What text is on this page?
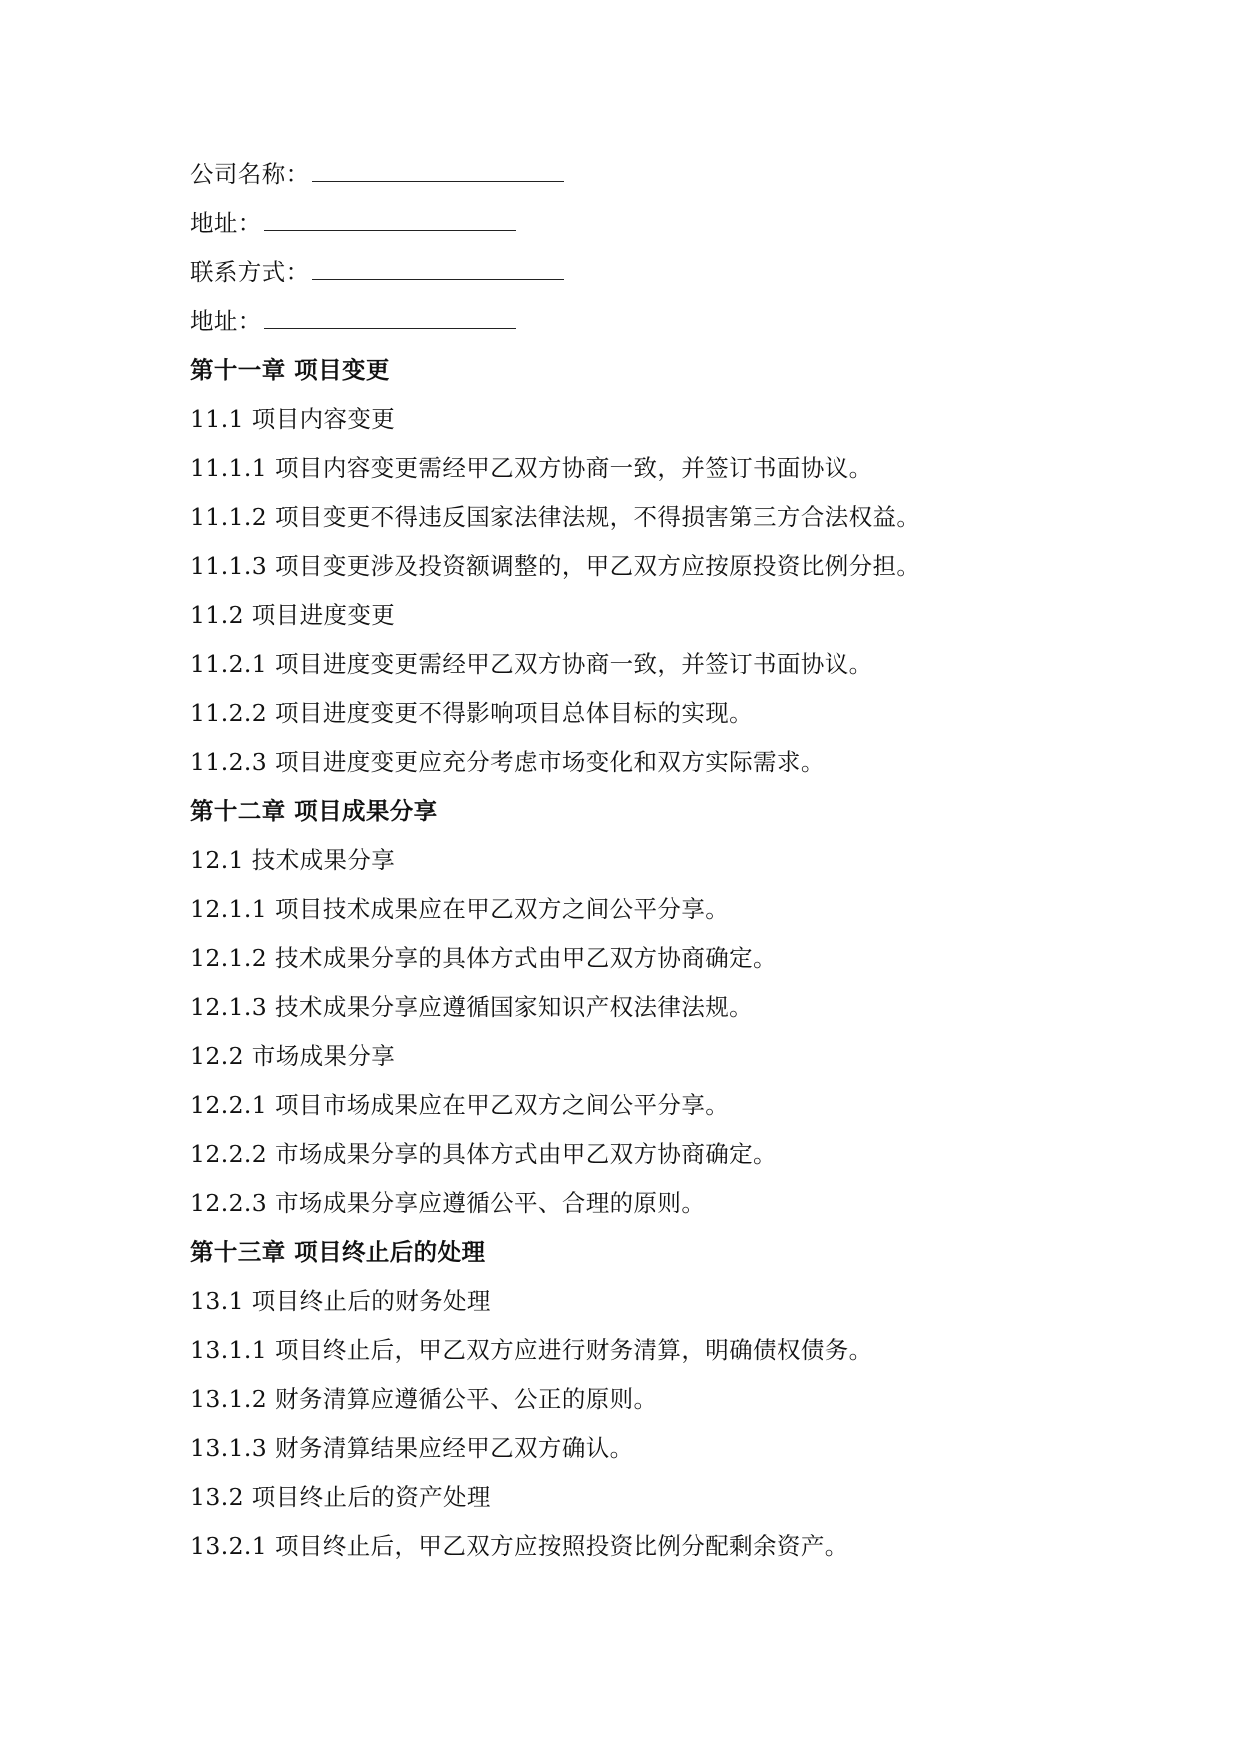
公司名称：
地址：
联系方式：
地址：
第十一章 项目变更
11.1 项目内容变更
11.1.1 项目内容变更需经甲乙双方协商一致，并签订书面协议。
11.1.2 项目变更不得违反国家法律法规，不得损害第三方合法权益。
11.1.3 项目变更涉及投资额调整的，甲乙双方应按原投资比例分担。
11.2 项目进度变更
11.2.1 项目进度变更需经甲乙双方协商一致，并签订书面协议。
11.2.2 项目进度变更不得影响项目总体目标的实现。
11.2.3 项目进度变更应充分考虑市场变化和双方实际需求。
第十二章 项目成果分享
12.1 技术成果分享
12.1.1 项目技术成果应在甲乙双方之间公平分享。
12.1.2 技术成果分享的具体方式由甲乙双方协商确定。
12.1.3 技术成果分享应遵循国家知识产权法律法规。
12.2 市场成果分享
12.2.1 项目市场成果应在甲乙双方之间公平分享。
12.2.2 市场成果分享的具体方式由甲乙双方协商确定。
12.2.3 市场成果分享应遵循公平、合理的原则。
第十三章 项目终止后的处理
13.1 项目终止后的财务处理
13.1.1 项目终止后，甲乙双方应进行财务清算，明确债权债务。
13.1.2 财务清算应遵循公平、公正的原则。
13.1.3 财务清算结果应经甲乙双方确认。
13.2 项目终止后的资产处理
13.2.1 项目终止后，甲乙双方应按照投资比例分配剩余资产。
